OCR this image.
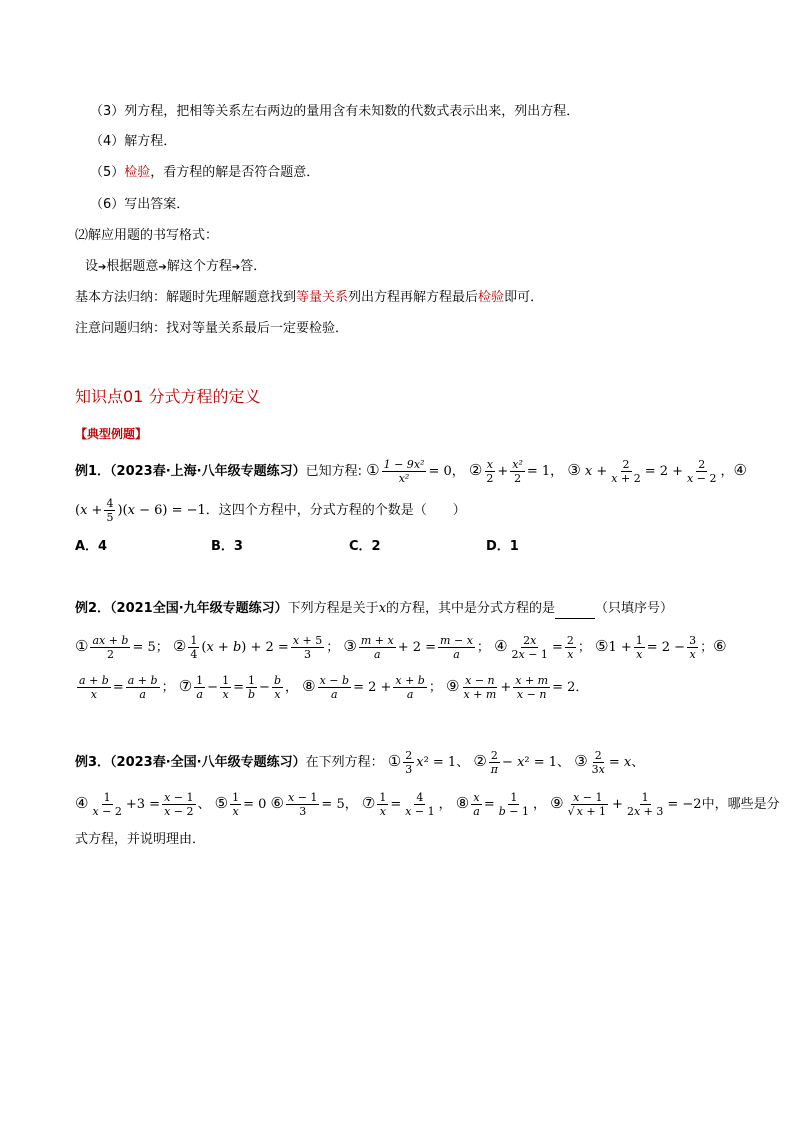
（3）列方程，把相等关系左右两边的量用含有未知数的代数式表示出来，列出方程．
（4）解方程．
（5）检验，看方程的解是否符合题意．
（6）写出答案．
⑵解应用题的书写格式：
设➔根据题意➔解这个方程➔答．
基本方法归纳：解题时先理解题意找到等量关系列出方程再解方程最后检验即可．
注意问题归纳：找对等量关系最后一定要检验．
知识点01 分式方程的定义
【典型例题】
例1．（2023春·上海·八年级专题练习）已知方程: ① $\frac{\text{1 − 9x²}}{\text{x²}} = 0$， ② $\frac{x}{2} + \frac{\text{x²}}{2} = 1$， ③ $x + \frac{2}{x + 2} = 2 + \frac{2}{x - 2}$ ，④
$(x + \frac{4}{5} )(x - 6) = -1$．这四个方程中，分式方程的个数是（　　）
A．4	B．3	C．2	D．1
例2．（2021全国·九年级专题练习）下列方程是关于x的方程，其中是分式方程的是	（只填序号）
① $\frac{ax + b}{2} = 5$； ② $\frac{1}{4} (x + b) + 2 = \frac{x + 5}{3}$ ； ③ $\frac{m + x}{a} + 2 = \frac{m - x}{a}$ ； ④ $\frac{2x}{2x - 1} = \frac{2}{x}$ ； ⑤1 + $\frac{1}{x} = 2 - \frac{3}{x}$ ；⑥
$\frac{a + b}{x} = \frac{a + b}{a}$ ； ⑦ $\frac{1}{a} - \frac{1}{x} = \frac{1}{b} - \frac{b}{x}$ ， ⑧ $\frac{x - b}{a} = 2 + \frac{x + b}{a}$ ； ⑨ $\frac{x - n}{x + m} + \frac{x + m}{x - n} = 2$．
例3．（2023春·全国·八年级专题练习）在下列方程： ① $\frac{2}{3} x^2 = 1$、 ② $\frac{2}{\pi} - x^2 = 1$、 ③ $\frac{2}{3x} = x$、
④ $\frac{1}{x - 2} +3 = \frac{x - 1}{x - 2}$ 、 ⑤ $\frac{1}{x} = 0$ ⑥ $\frac{x - 1}{3} = 5$， ⑦ $\frac{1}{x} = \frac{4}{x - 1}$ ， ⑧ $\frac{x}{a} = \frac{1}{b - 1}$ ， ⑨ $\frac{x - 1}{√ x + 1} + \frac{1}{2x + 3} = -2$中，哪些是分
式方程，并说明理由．
